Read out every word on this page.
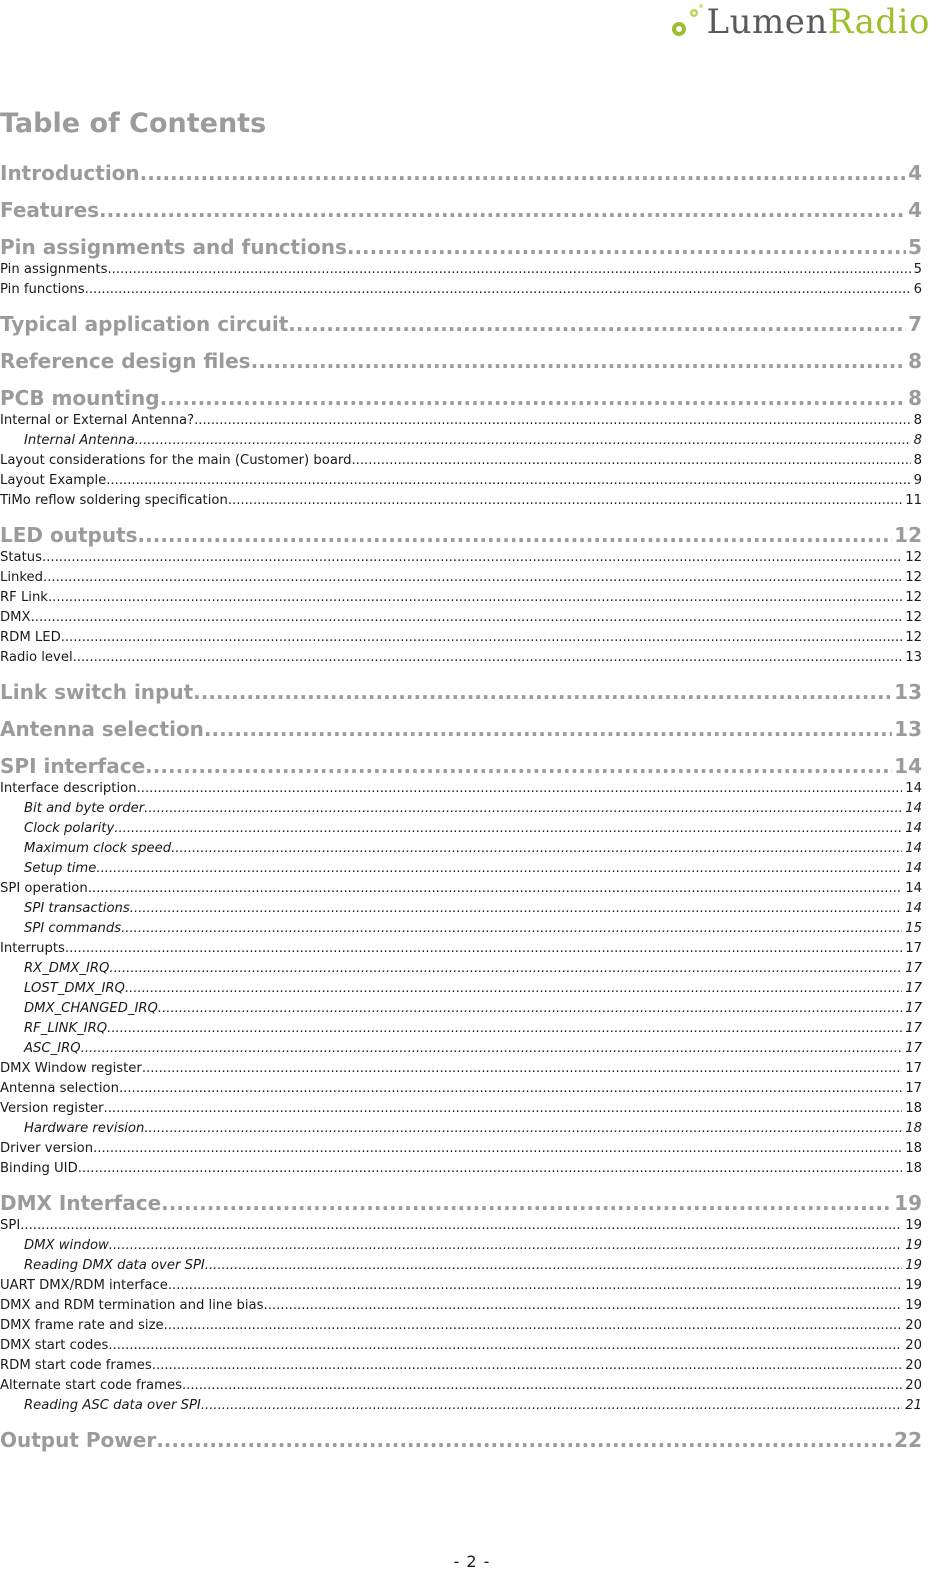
LumenRadio
Table of Contents
Introduction .....	4
Features .....	4
Pin assignments and functions .....	5
Pin assignments .....	5
Pin functions .....	6
Typical application circuit .....	7
Reference design files .....	8
PCB mounting .....	8
Internal or External Antenna? .....	8
Internal Antenna .....	8
Layout considerations for the main (Customer) board. .....	8
Layout Example .....	9
TiMo reflow soldering specification .....	11
LED outputs .....	12
Status .....	12
Linked .....	12
RF Link .....	12
DMX .....	12
RDM LED .....	12
Radio level .....	13
Link switch input .....	13
Antenna selection .....	13
SPI interface .....	14
Interface description .....	14
Bit and byte order .....	14
Clock polarity .....	14
Maximum clock speed .....	14
Setup time .....	14
SPI operation .....	14
SPI transactions .....	14
SPI commands .....	15
Interrupts .....	17
RX_DMX_IRQ .....	17
LOST_DMX_IRQ .....	17
DMX_CHANGED_IRQ .....	17
RF_LINK_IRQ .....	17
ASC_IRQ .....	17
DMX Window register .....	17
Antenna selection .....	17
Version register .....	18
Hardware revision .....	18
Driver version .....	18
Binding UID .....	18
DMX Interface .....	19
SPI .....	19
DMX window .....	19
Reading DMX data over SPI .....	19
UART DMX/RDM interface .....	19
DMX and RDM termination and line bias .....	19
DMX frame rate and size .....	20
DMX start codes .....	20
RDM start code frames .....	20
Alternate start code frames .....	20
Reading ASC data over SPI .....	21
Output Power .....	22
- 2 -
